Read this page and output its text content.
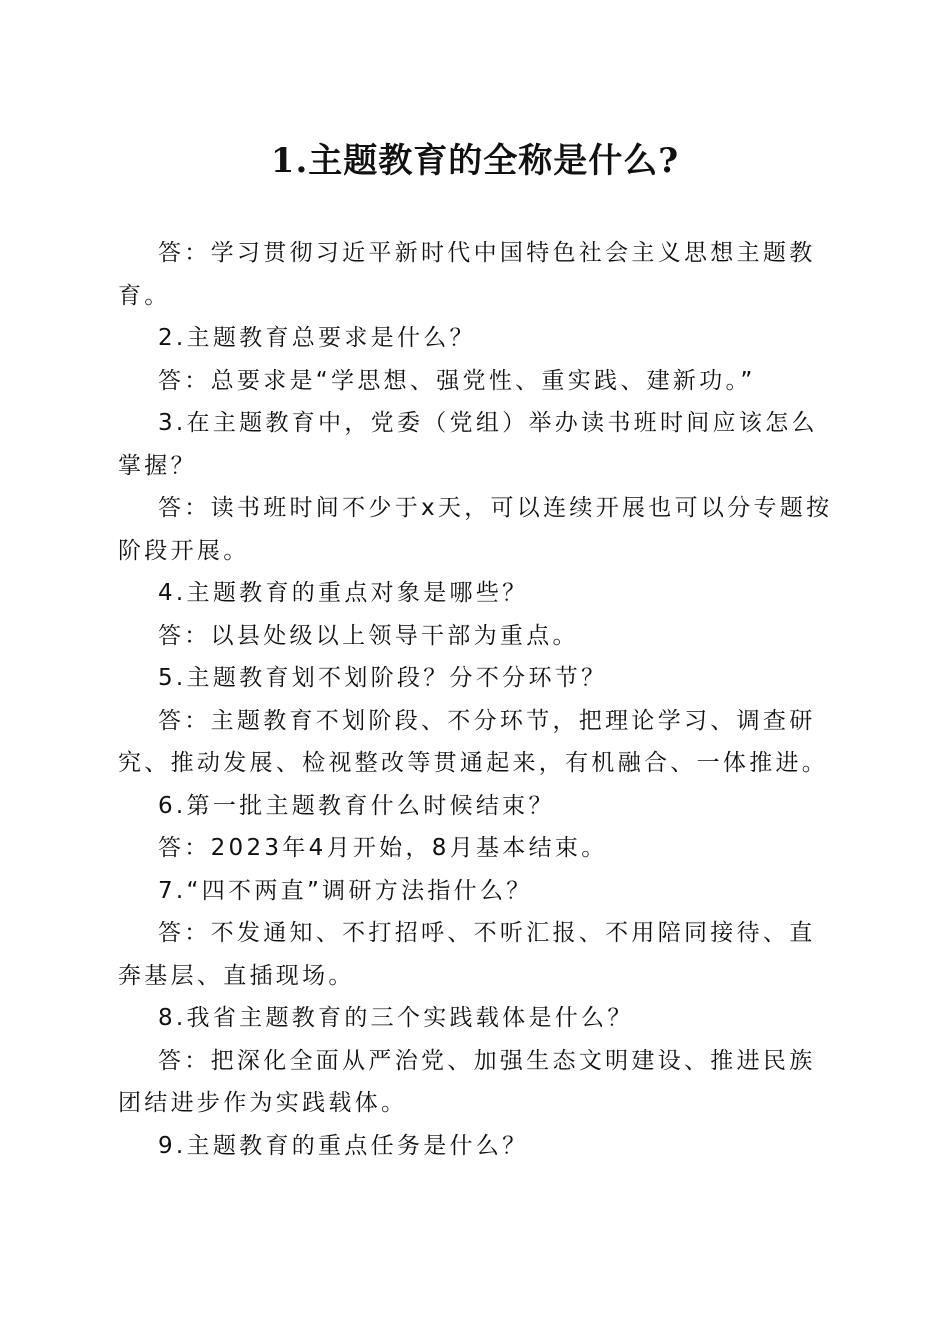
1.主题教育的全称是什么?

答：学习贯彻习近平新时代中国特色社会主义思想主题教育。

2.主题教育总要求是什么？

答：总要求是“学思想、强党性、重实践、建新功。”

3.在主题教育中，党委（党组）举办读书班时间应该怎么掌握？

答：读书班时间不少于x天，可以连续开展也可以分专题按阶段开展。

4.主题教育的重点对象是哪些？

答：以县处级以上领导干部为重点。

5.主题教育划不划阶段？分不分环节？

答：主题教育不划阶段、不分环节，把理论学习、调查研究、推动发展、检视整改等贯通起来，有机融合、一体推进。

6.第一批主题教育什么时候结束？

答：2023年4月开始，8月基本结束。

7.“四不两直”调研方法指什么？

答：不发通知、不打招呼、不听汇报、不用陪同接待、直奔基层、直插现场。

8.我省主题教育的三个实践载体是什么？

答：把深化全面从严治党、加强生态文明建设、推进民族团结进步作为实践载体。

9.主题教育的重点任务是什么？
